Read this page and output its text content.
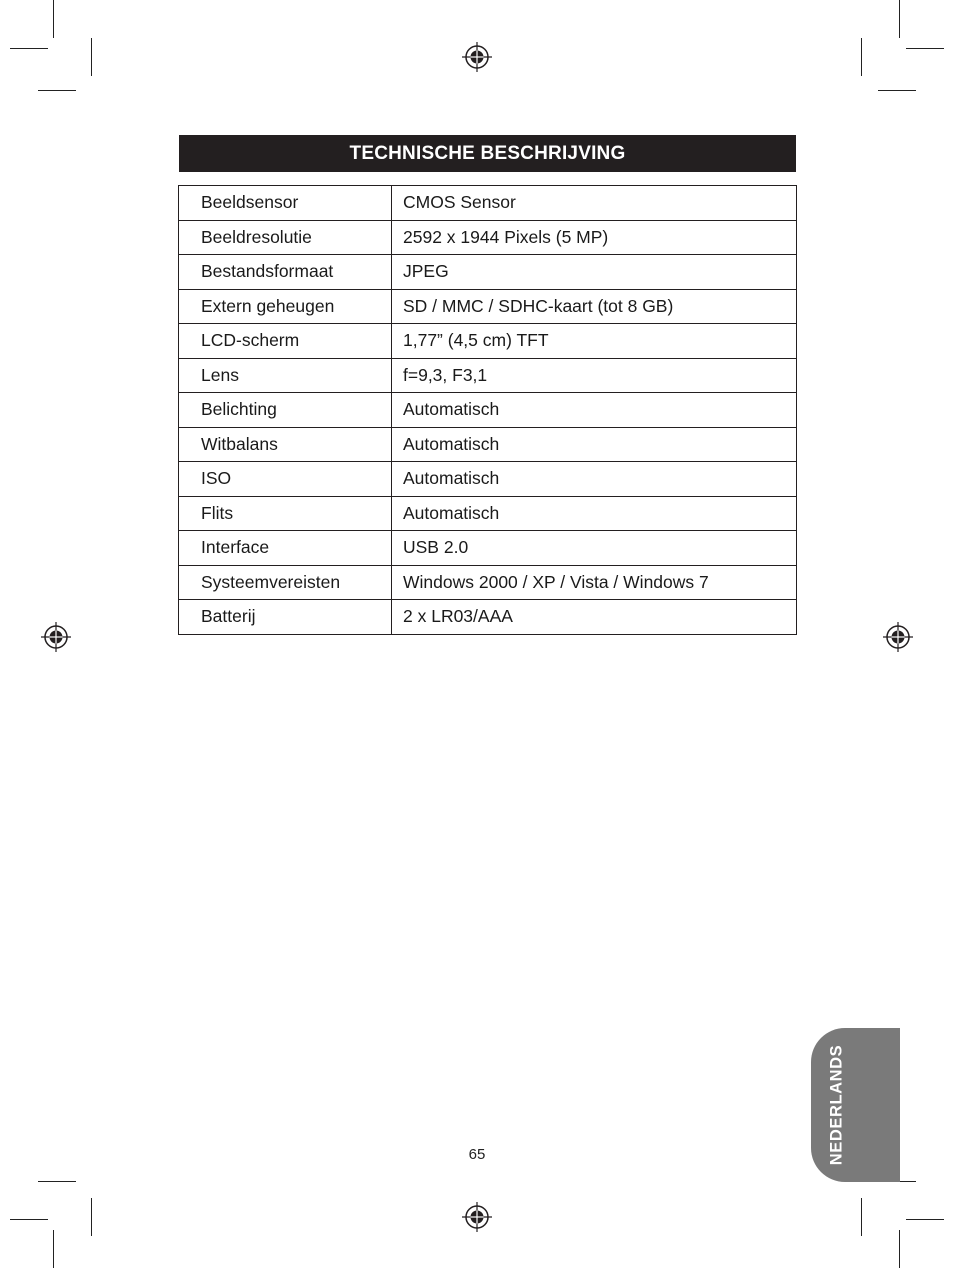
TECHNISCHE BESCHRIJVING
Beeldsensor	CMOS Sensor
Beeldresolutie	2592 x 1944 Pixels (5 MP)
Bestandsformaat	JPEG
Extern geheugen	SD / MMC / SDHC-kaart (tot 8 GB)
LCD-scherm	1,77” (4,5 cm) TFT
Lens	f=9,3, F3,1
Belichting	Automatisch
Witbalans	Automatisch
ISO	Automatisch
Flits	Automatisch
Interface	USB 2.0
Systeemvereisten	Windows 2000 / XP / Vista / Windows 7
Batterij	2 x LR03/AAA
NEDERLANDS
65
